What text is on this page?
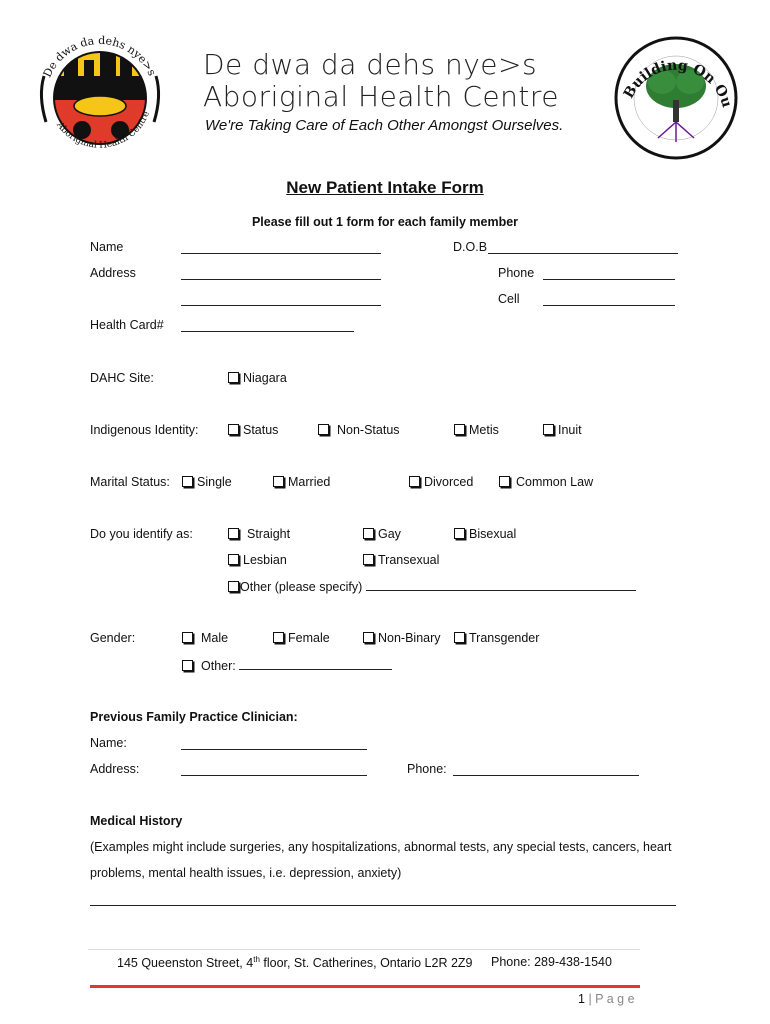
De dwa da dehs nye>s
Aboriginal Health Centre
De dwa da dehs nye>s
Aboriginal Health Centre
We're Taking Care of Each Other Amongst Ourselves.
Building On Ou
New Patient Intake Form
Please fill out 1 form for each family member
Name	D.O.B
Address	Phone
Cell
Health Card#
DAHC Site:	Niagara
Indigenous Identity:	Status	Non-Status	Metis	Inuit
Marital Status:	Single	Married	Divorced	Common Law
Do you identify as:	Straight	Gay	Bisexual
Lesbian	Transexual
Other (please specify)
Gender:	Male	Female	Non-Binary	Transgender
Other:
Previous Family Practice Clinician:
Name:
Address:	Phone:
Medical History
(Examples might include surgeries, any hospitalizations, abnormal tests, any special tests, cancers, heart
problems, mental health issues, i.e. depression, anxiety)
145 Queenston Street, 4th floor, St. Catherines, Ontario L2R 2Z9 Phone: 289-438-1540
1 | P a g e
